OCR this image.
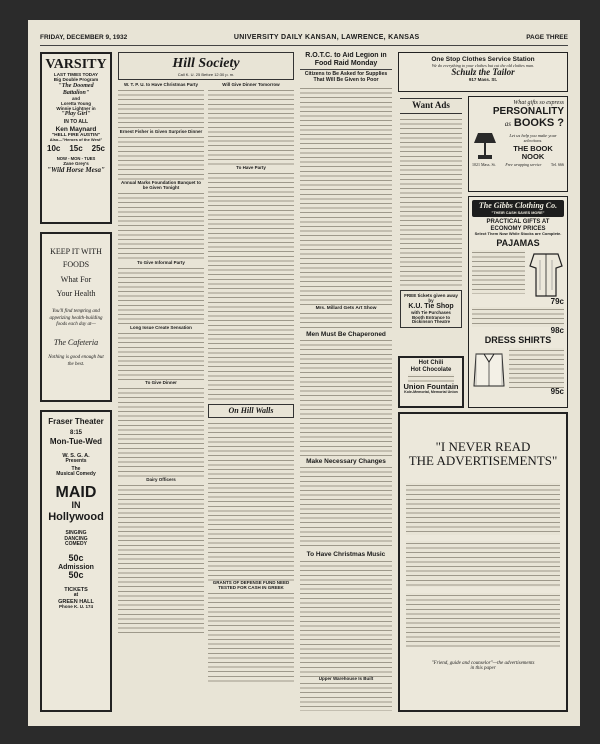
FRIDAY, DECEMBER 9, 1932	UNIVERSITY DAILY KANSAN, LAWRENCE, KANSAS	PAGE THREE
VARSITY
LAST TIMES TODAY
Big Double Program
"The Doomed Battalion"
and
Loretta Young
Winnie Lightner in
"Play Girl"
IN TO ALL
Ken Maynard
"HELL FIRE AUSTIN"
Also—"Heroes of the West"
10c 15c 25c
NOW - MON - TUES
Zane Grey's
"Wild Horse Mesa"
KEEP IT WITH
FOODS
What For
Your Health
You'll find tempting and appetizing health-building foods each day at—
The Cafeteria
Nothing is good enough but the best.
Fraser Theater
8:15
Mon-Tue-Wed
W. S. G. A.
Presents
The
Musical Comedy
MAID
IN
Hollywood
SINGING
DANCING
COMEDY
50c
Admission
50c
TICKETS
at
GREEN HALL
Phone K. U. 174
Hill Society
Call K. U. 25 Before 12:30 p. m.
W. T. P. U. to Have Christmas Party
Ernest Fisher is Given Surprise Dinner
Annual Marks Foundation Banquet to be Given Tonight
To Give Informal Party
Long Issue Create Sensation
To Give Dinner
Dairy Officers
Will Give Dinner Tomorrow
To Have Party
On Hill Walls
GRANTS OF DEFENSE FUND NEED TESTED FOR CASH IN GREEK
R.O.T.C. to Aid Legion in Food Raid Monday
Citizens to Be Asked for Supplies That Will Be Given to Poor
Mrs. Millard Gets Art Show
Men Must Be Chaperoned
Make Necessary Changes
To Have Christmas Music
Upper Warehouse Is Built
One Stop Clothes Service Station
We do everything to your clothes but cut the old clothes man.
Schulz the Tailor
917 Mass. St.
What gifts so express
PERSONALITY
as BOOKS ?
Let us help you make your selections.
THE BOOK NOOK
1021 Mass. St. Free wrapping service Tel. 666
Want Ads
FREE tickets given away by
K.U. Tie Shop
with Tie Purchases
Booth Entrance to
Dickinson Theatre
The Gibbs Clothing Co.
"THEIR CASH SAVES MORE"
PRACTICAL GIFTS AT
ECONOMY PRICES
Select Them Now While Stocks are Complete.
PAJAMAS
79c
98c
DRESS SHIRTS
95c
Hot Chili
Hot Chocolate
Union Fountain
Kole-Memorial, Memorial Union
"I NEVER READ
THE ADVERTISEMENTS"
"Friend, guide and counselor"—the advertisements
in this paper
